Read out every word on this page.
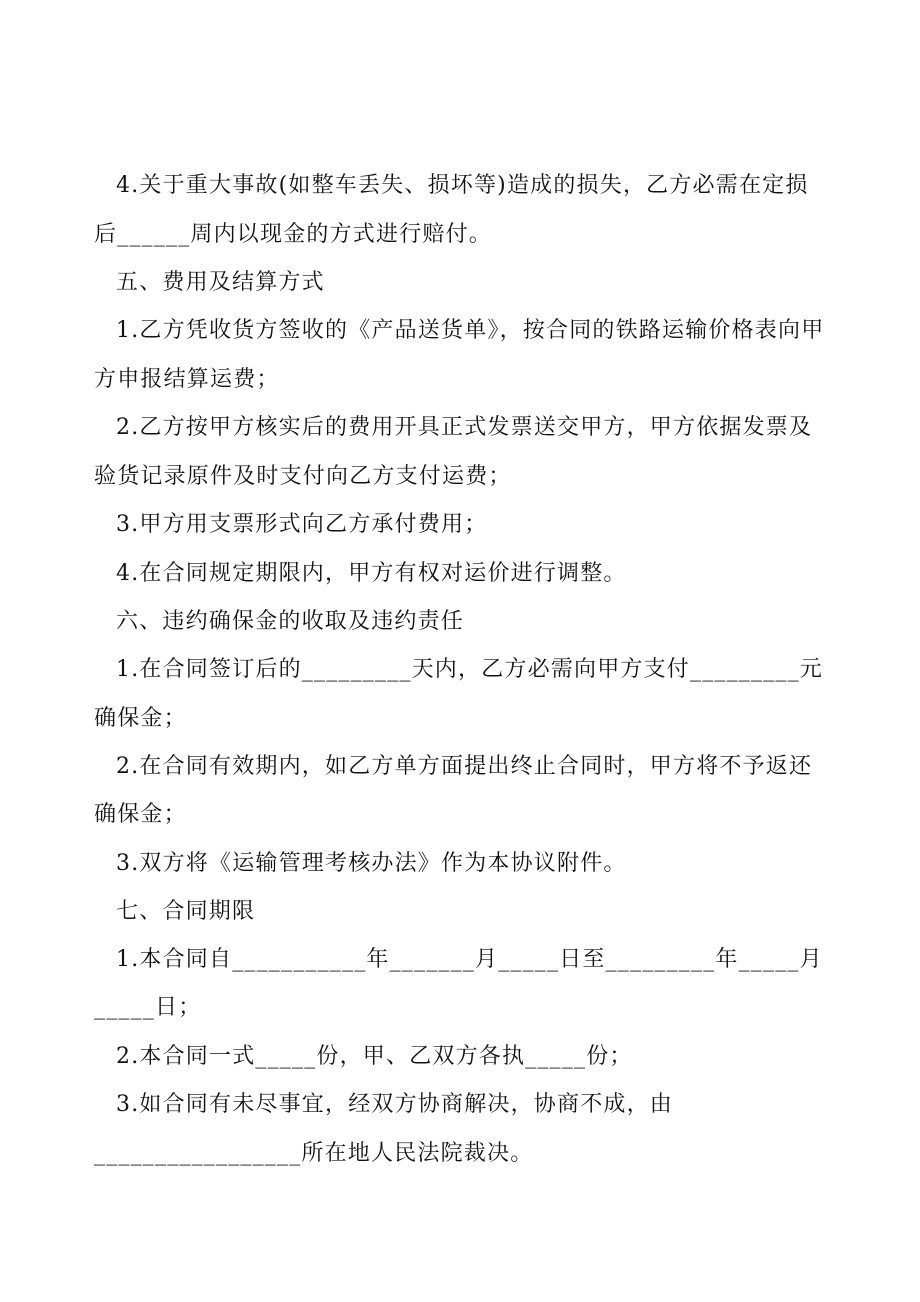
4.关于重大事故(如整车丢失、损坏等)造成的损失，乙方必需在定损
后______周内以现金的方式进行赔付。
五、费用及结算方式
1.乙方凭收货方签收的《产品送货单》，按合同的铁路运输价格表向甲
方申报结算运费；
2.乙方按甲方核实后的费用开具正式发票送交甲方，甲方依据发票及
验货记录原件及时支付向乙方支付运费；
3.甲方用支票形式向乙方承付费用；
4.在合同规定期限内，甲方有权对运价进行调整。
六、违约确保金的收取及违约责任
1.在合同签订后的_________天内，乙方必需向甲方支付_________元
确保金；
2.在合同有效期内，如乙方单方面提出终止合同时，甲方将不予返还
确保金；
3.双方将《运输管理考核办法》作为本协议附件。
七、合同期限
1.本合同自___________年_______月_____日至_________年_____月
_____日；
2.本合同一式_____份，甲、乙双方各执_____份；
3.如合同有未尽事宜，经双方协商解决，协商不成，由
_________________所在地人民法院裁决。
